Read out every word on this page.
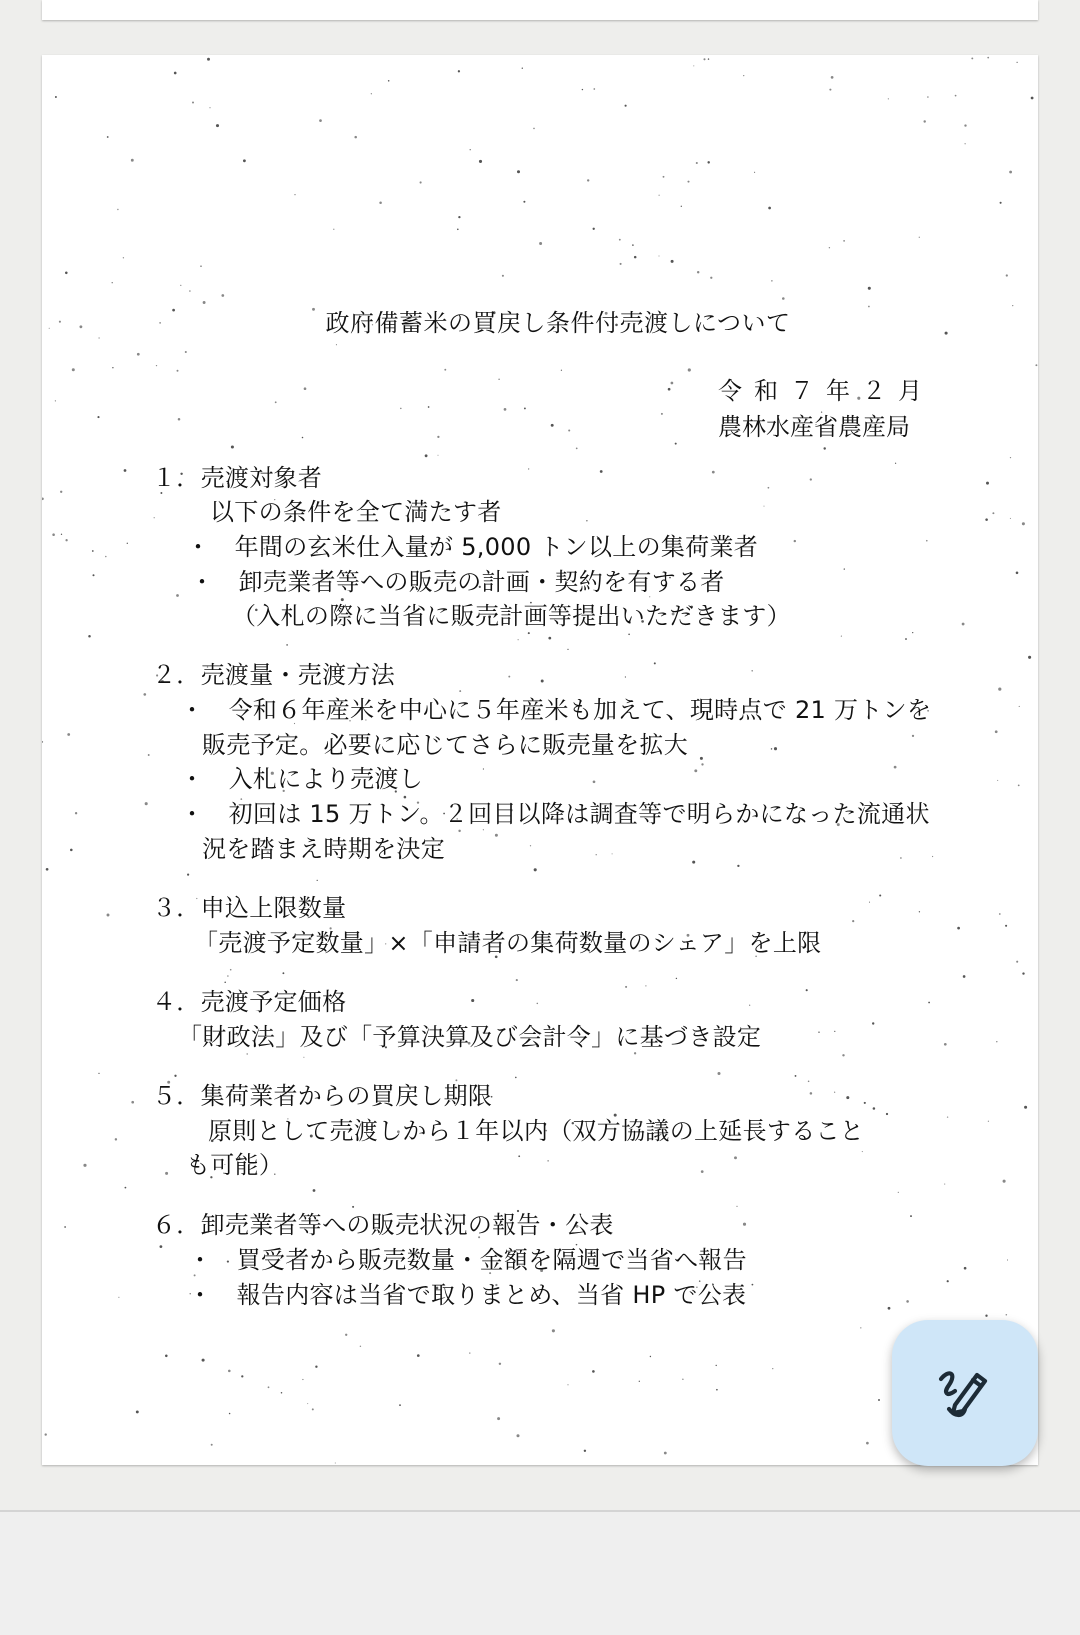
政府備蓄米の買戻し条件付売渡しについて
令和７年２月
農林水産省農産局
１．売渡対象者
以下の条件を全て満たす者
・　年間の玄米仕入量が 5,000 トン以上の集荷業者
・　卸売業者等への販売の計画・契約を有する者
（入札の際に当省に販売計画等提出いただきます）
２．売渡量・売渡方法
・　令和６年産米を中心に５年産米も加えて、現時点で 21 万トンを
販売予定。必要に応じてさらに販売量を拡大
・　入札により売渡し
・　初回は 15 万トン。２回目以降は調査等で明らかになった流通状
況を踏まえ時期を決定
３．申込上限数量
「売渡予定数量」×「申請者の集荷数量のシェア」を上限
４．売渡予定価格
「財政法」及び「予算決算及び会計令」に基づき設定
５．集荷業者からの買戻し期限
原則として売渡しから１年以内（双方協議の上延長すること
も可能）
６．卸売業者等への販売状況の報告・公表
・　買受者から販売数量・金額を隔週で当省へ報告
・　報告内容は当省で取りまとめ、当省 HP で公表
